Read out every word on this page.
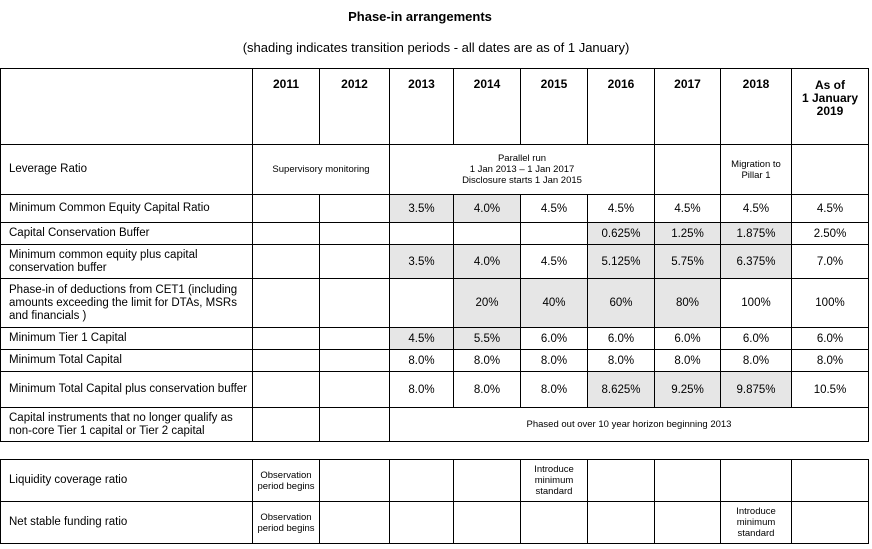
Phase-in arrangements
(shading indicates transition periods - all dates are as of 1 January)
	2011	2012	2013	2014	2015	2016	2017	2018	As of
1 January
2019
Leverage Ratio	Supervisory monitoring		Parallel run
1 Jan 2013 – 1 Jan 2017
Disclosure starts 1 Jan 2015					Migration to
Pillar 1	
Minimum Common Equity Capital Ratio			3.5%	4.0%	4.5%	4.5%	4.5%	4.5%	4.5%
Capital Conservation Buffer						0.625%	1.25%	1.875%	2.50%
Minimum common equity plus capital conservation buffer			3.5%	4.0%	4.5%	5.125%	5.75%	6.375%	7.0%
Phase-in of deductions from CET1 (including amounts exceeding the limit for DTAs, MSRs and financials )				20%	40%	60%	80%	100%	100%
Minimum Tier 1 Capital			4.5%	5.5%	6.0%	6.0%	6.0%	6.0%	6.0%
Minimum Total Capital			8.0%	8.0%	8.0%	8.0%	8.0%	8.0%	8.0%
Minimum Total Capital plus conservation buffer			8.0%	8.0%	8.0%	8.625%	9.25%	9.875%	10.5%
Capital instruments that no longer qualify as non-core Tier 1 capital or Tier 2 capital			Phased out over 10 year horizon beginning 2013						
Liquidity coverage ratio	Observation period begins				Introduce minimum standard				
Net stable funding ratio	Observation period begins							Introduce minimum standard	
